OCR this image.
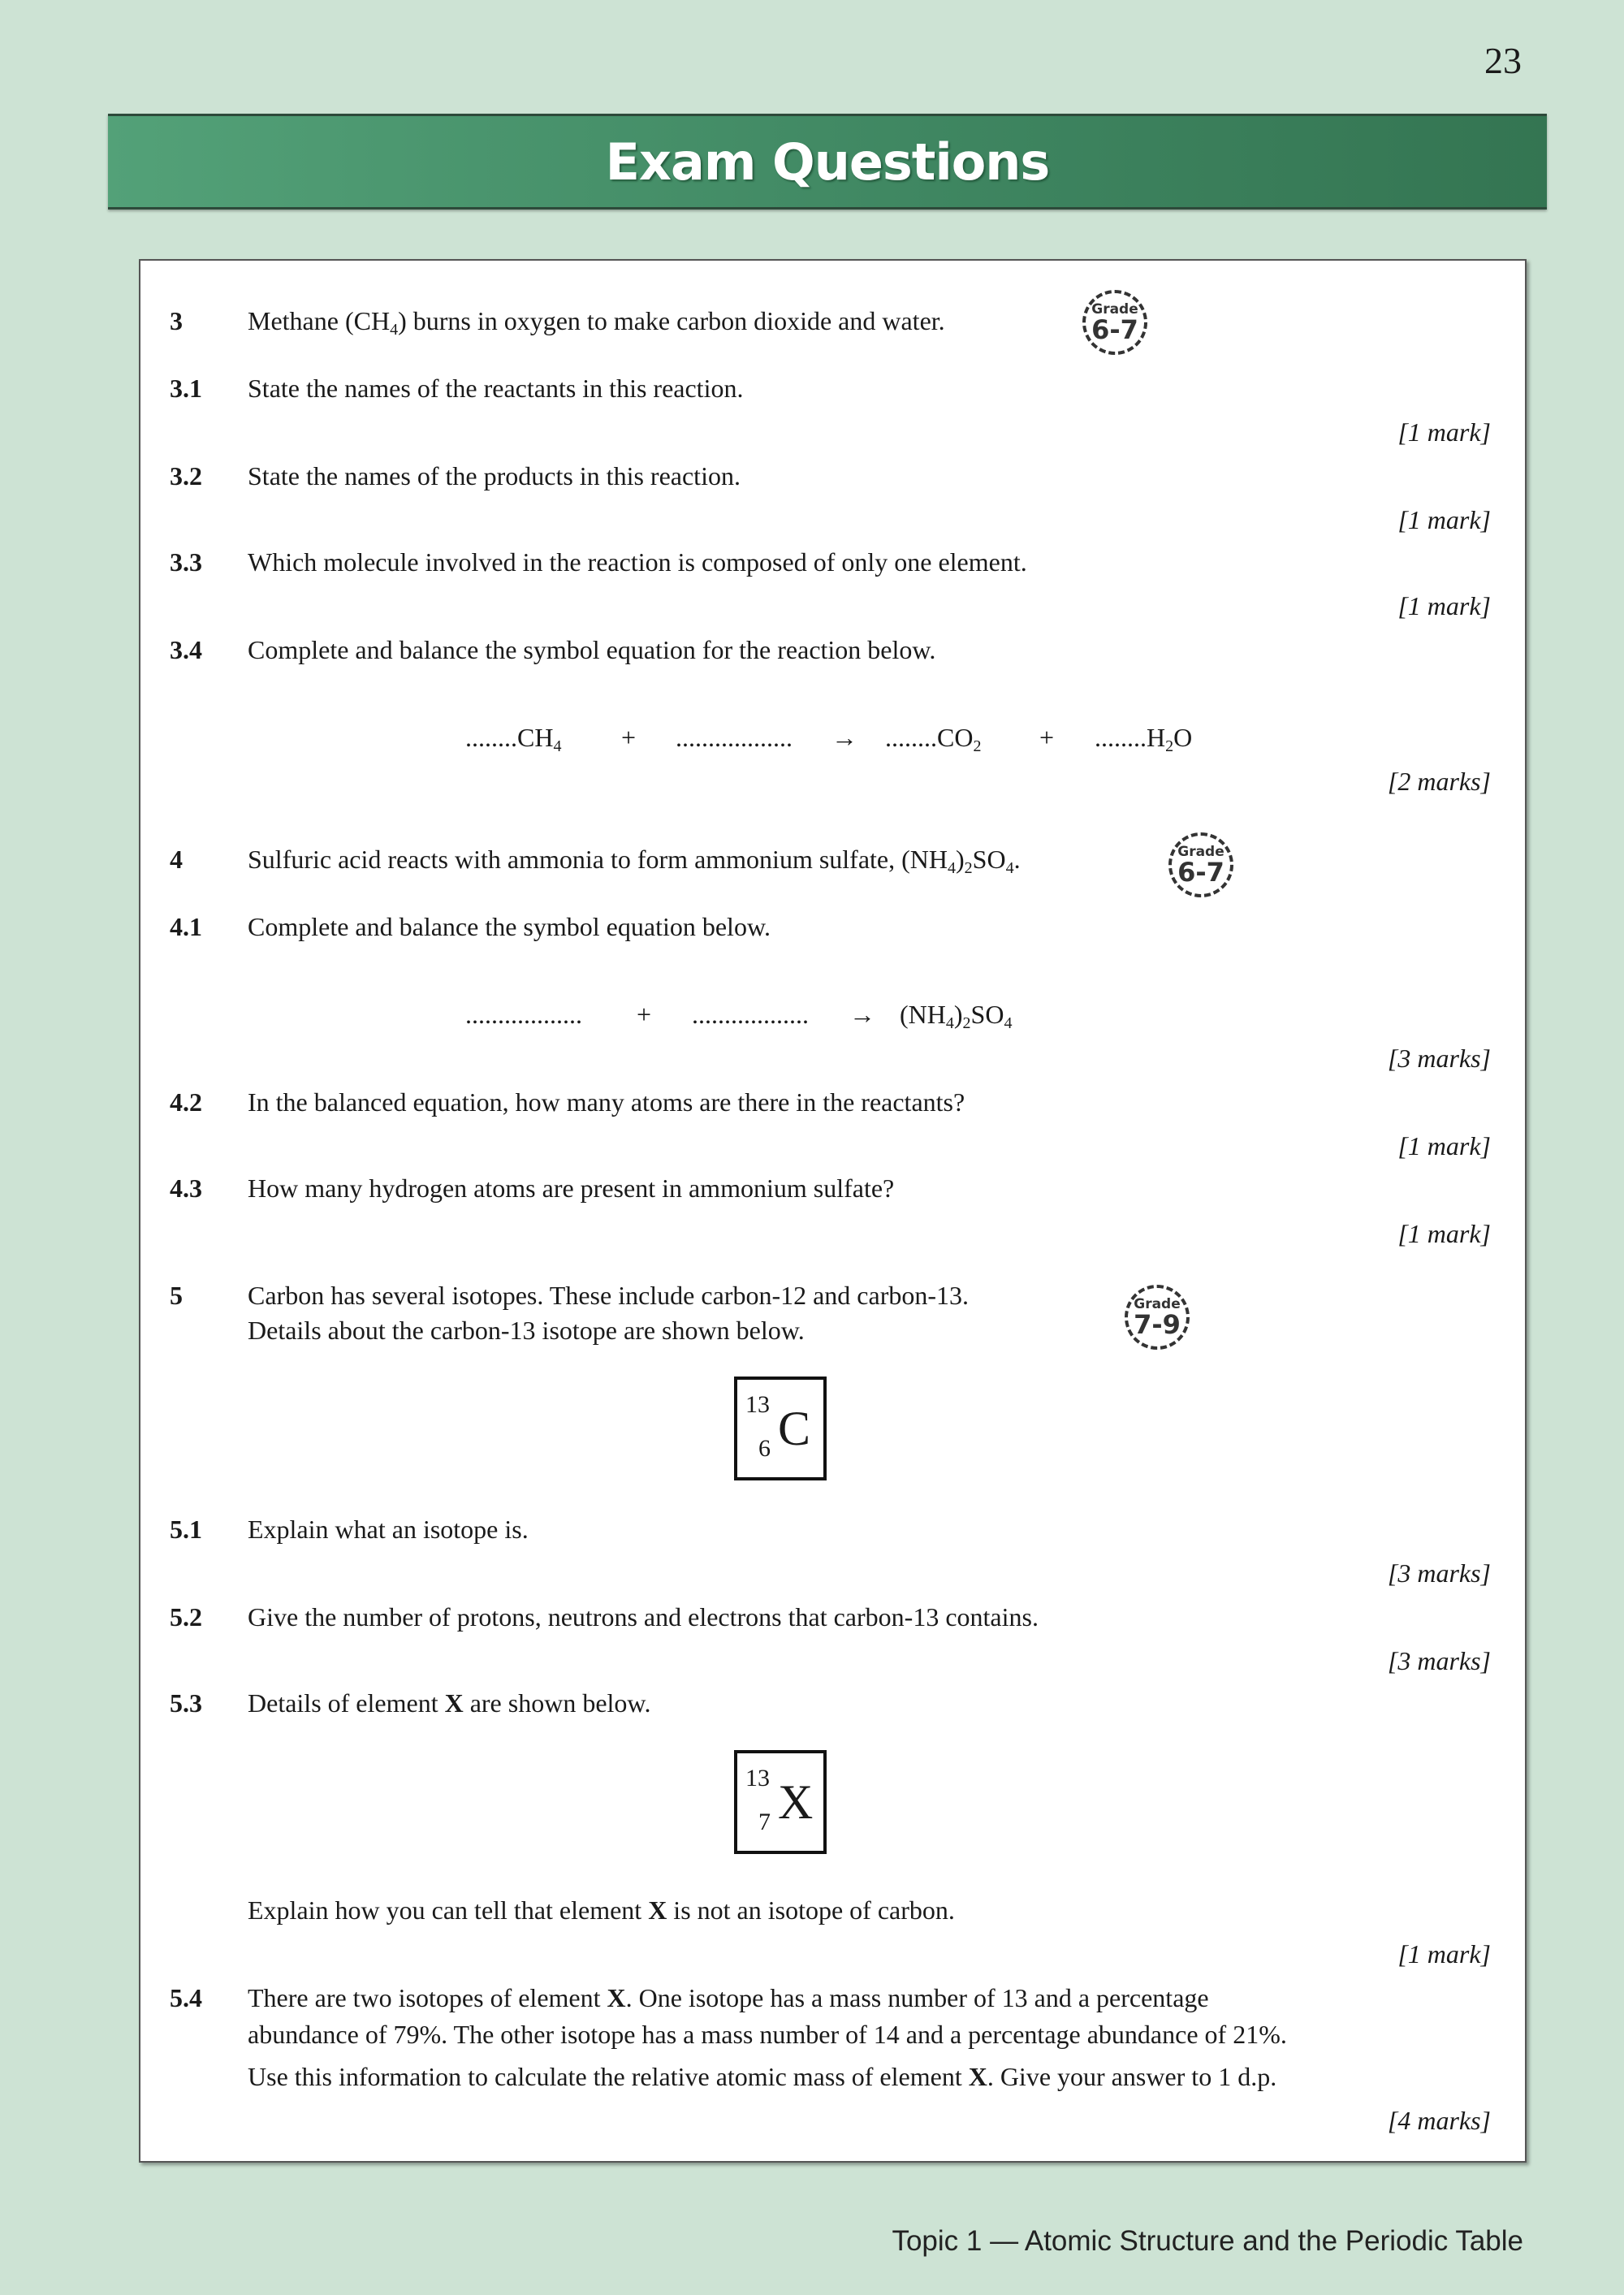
23
Exam Questions
3	Methane $(CH_4)$ burns in oxygen to make carbon dioxide and water.	Grade
6-7
3.1 State the names of the reactants in this reaction.
[1 mark]
3.2 State the names of the products in this reaction.
[1 mark]
3.3 Which molecule involved in the reaction is composed of only one element.
[1 mark]
3.4 Complete and balance the symbol equation for the reaction below.
$........CH_4$ + .................. → $........CO_2 + ........H_2O$
[2 marks]
4	Sulfuric acid reacts with ammonia to form ammonium sulfate, $(NH_4)_2SO_4$.	Grade
6-7
4.1 Complete and balance the symbol equation below.
.................. + .................. → $(NH_4)_2SO_4$
[3 marks]
4.2 In the balanced equation, how many atoms are there in the reactants?
[1 mark]
4.3 How many hydrogen atoms are present in ammonium sulfate?
[1 mark]
5	Carbon has several isotopes. These include carbon-12 and carbon-13.
Details about the carbon-13 isotope are shown below.
Grade
7-9
13
6 C
5.1 Explain what an isotope is.
[3 marks]
5.2 Give the number of protons, neutrons and electrons that carbon-13 contains.
[3 marks]
5.3 Details of element X are shown below.
13
7 X
Explain how you can tell that element X is not an isotope of carbon.
[1 mark]
5.4 There are two isotopes of element X. One isotope has a mass number of 13 and a percentage
abundance of 79%. The other isotope has a mass number of 14 and a percentage abundance of 21%.
Use this information to calculate the relative atomic mass of element X. Give your answer to 1 d.p.
[4 marks]
Topic 1 — Atomic Structure and the Periodic Table
